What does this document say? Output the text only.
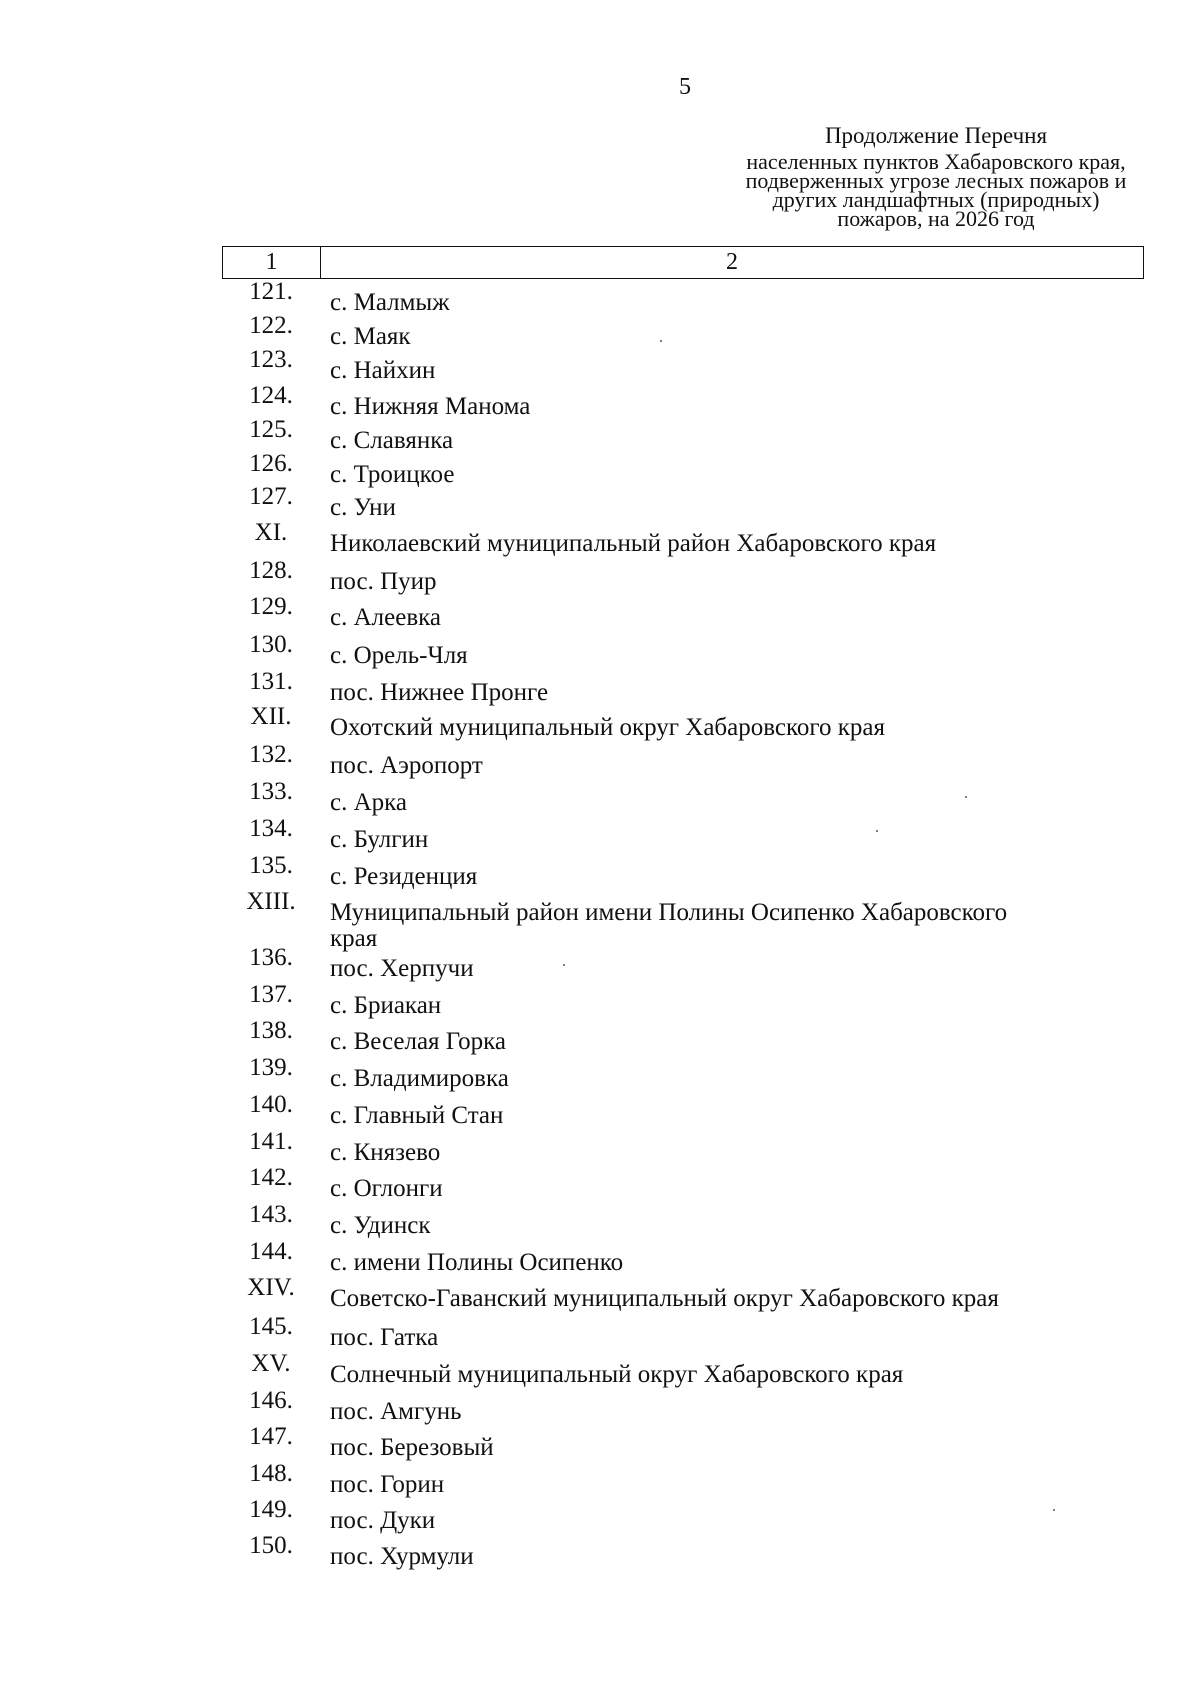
5
Продолжение Перечня
населенных пунктов Хабаровского края,
подверженных угрозе лесных пожаров и
других ландшафтных (природных)
пожаров, на 2026 год
1	2
121.	с. Малмыж
122.	с. Маяк
123.	с. Найхин
124.	с. Нижняя Манома
125.	с. Славянка
126.	с. Троицкое
127.	с. Уни
XI.	Николаевский муниципальный район Хабаровского края
128.	пос. Пуир
129.	с. Алеевка
130.	с. Орель-Чля
131.	пос. Нижнее Пронге
XII.	Охотский муниципальный округ Хабаровского края
132.	пос. Аэропорт
133.	с. Арка
134.	с. Булгин
135.	с. Резиденция
XIII.	Муниципальный район имени Полины Осипенко Хабаровского
края
136.	пос. Херпучи
137.	с. Бриакан
138.	с. Веселая Горка
139.	с. Владимировка
140.	с. Главный Стан
141.	с. Князево
142.	с. Оглонги
143.	с. Удинск
144.	с. имени Полины Осипенко
XIV.	Советско-Гаванский муниципальный округ Хабаровского края
145.	пос. Гатка
XV.	Солнечный муниципальный округ Хабаровского края
146.	пос. Амгунь
147.	пос. Березовый
148.	пос. Горин
149.	пос. Дуки
150.	пос. Хурмули
